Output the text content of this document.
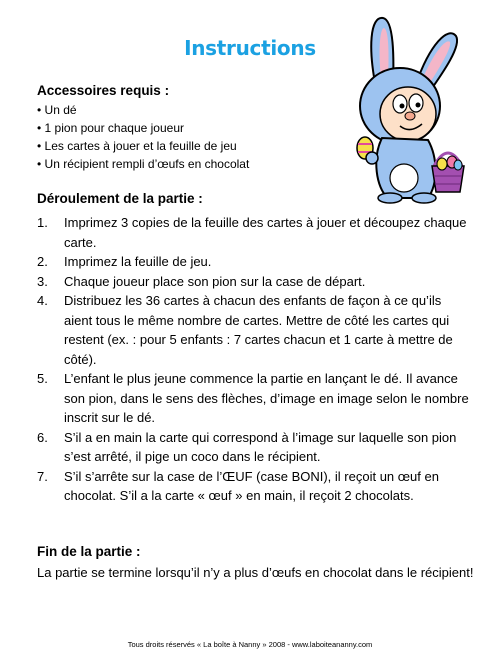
Instructions
Accessoires requis :
• Un dé
• 1 pion pour chaque joueur
• Les cartes à jouer et la feuille de jeu
• Un récipient rempli d’œufs en chocolat
Déroulement de la partie :
1.	Imprimez 3 copies de la feuille des cartes à jouer et découpez chaque carte.
2.	Imprimez la feuille de jeu.
3.	Chaque joueur place son pion sur la case de départ.
4.	Distribuez les 36 cartes à chacun des enfants de façon à ce qu’ils aient tous le même nombre de cartes. Mettre de côté les cartes qui restent (ex. : pour 5 enfants : 7 cartes chacun et 1 carte à mettre de côté).
5.	L’enfant le plus jeune commence la partie en lançant le dé. Il avance son pion, dans le sens des flèches, d’image en image selon le nombre inscrit sur le dé.
6.	S’il a en main la carte qui correspond à l’image sur laquelle son pion s’est arrêté, il pige un coco dans le récipient.
7.	S’il s’arrête sur la case de l’ŒUF (case BONI), il reçoit un œuf en chocolat. S’il a la carte « œuf » en main, il reçoit 2 chocolats.
Fin de la partie :
La partie se termine lorsqu’il n’y a plus d’œufs en chocolat dans le récipient!
Tous droits réservés « La boîte à Nanny » 2008 - www.laboiteananny.com
